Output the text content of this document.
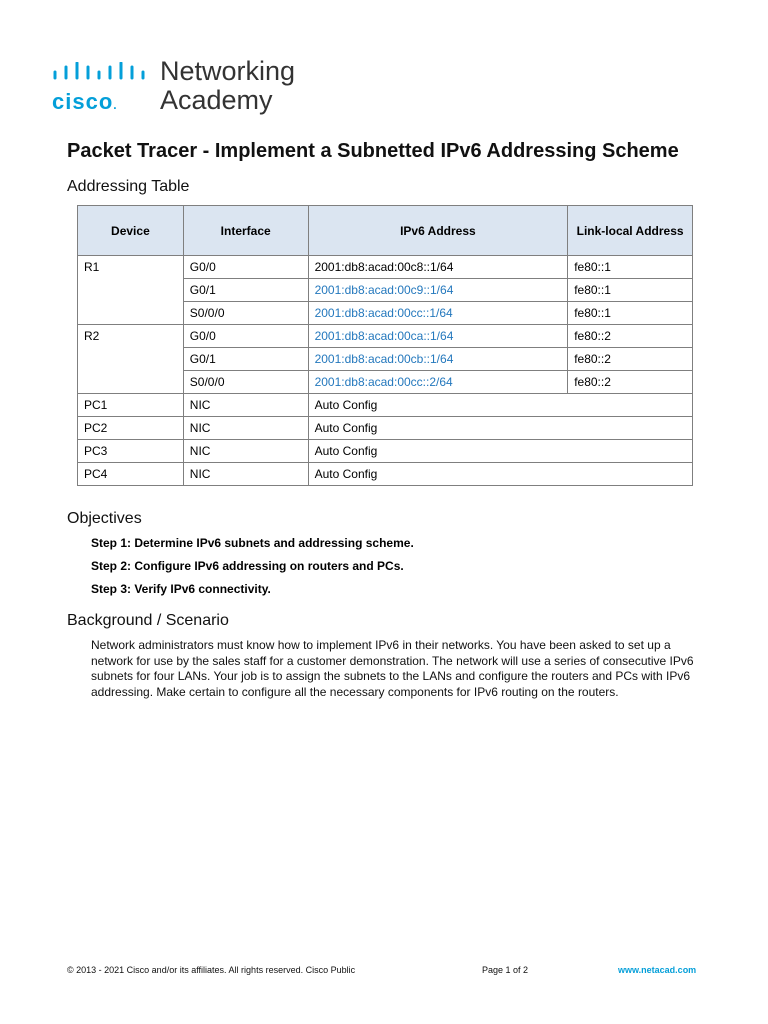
cisco.
Networking
Academy
Packet Tracer - Implement a Subnetted IPv6 Addressing Scheme
Addressing Table
Device	Interface	IPv6 Address	Link-local Address
R1	G0/0	2001:db8:acad:00c8::1/64	fe80::1
	G0/1	2001:db8:acad:00c9::1/64	fe80::1
	S0/0/0	2001:db8:acad:00cc::1/64	fe80::1
R2	G0/0	2001:db8:acad:00ca::1/64	fe80::2
	G0/1	2001:db8:acad:00cb::1/64	fe80::2
	S0/0/0	2001:db8:acad:00cc::2/64	fe80::2
PC1	NIC	Auto Config	
PC2	NIC	Auto Config	
PC3	NIC	Auto Config	
PC4	NIC	Auto Config	
Objectives
Step 1: Determine IPv6 subnets and addressing scheme.
Step 2: Configure IPv6 addressing on routers and PCs.
Step 3: Verify IPv6 connectivity.
Background / Scenario

Network administrators must know how to implement IPv6 in their networks. You have been asked to set up a network for use by the sales staff for a customer demonstration. The network will use a series of consecutive IPv6 subnets for four LANs. Your job is to assign the subnets to the LANs and configure the routers and PCs with IPv6 addressing. Make certain to configure all the necessary components for IPv6 routing on the routers.

© 2013 - 2021 Cisco and/or its affiliates. All rights reserved. Cisco Public	Page 1 of 2	www.netacad.com
